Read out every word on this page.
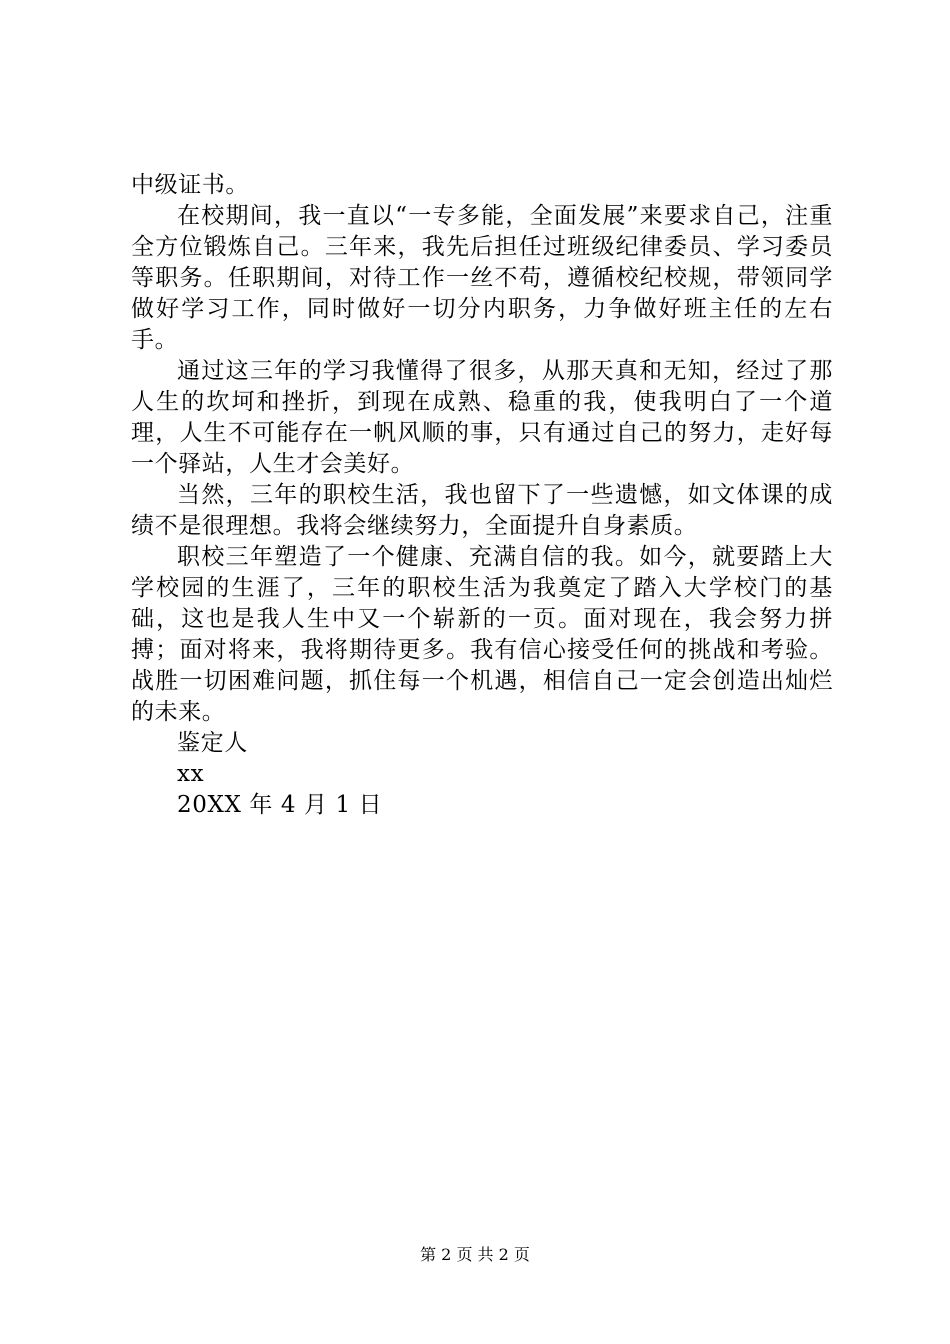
中级证书。

在校期间，我一直以“一专多能，全面发展”来要求自己，注重全方位锻炼自己。三年来，我先后担任过班级纪律委员、学习委员等职务。任职期间，对待工作一丝不苟，遵循校纪校规，带领同学做好学习工作，同时做好一切分内职务，力争做好班主任的左右手。

通过这三年的学习我懂得了很多，从那天真和无知，经过了那人生的坎坷和挫折，到现在成熟、稳重的我，使我明白了一个道理，人生不可能存在一帆风顺的事，只有通过自己的努力，走好每一个驿站，人生才会美好。

当然，三年的职校生活，我也留下了一些遗憾，如文体课的成绩不是很理想。我将会继续努力，全面提升自身素质。

职校三年塑造了一个健康、充满自信的我。如今，就要踏上大学校园的生涯了，三年的职校生活为我奠定了踏入大学校门的基础，这也是我人生中又一个崭新的一页。面对现在，我会努力拼搏；面对将来，我将期待更多。我有信心接受任何的挑战和考验。战胜一切困难问题，抓住每一个机遇，相信自己一定会创造出灿烂的未来。

鉴定人

xx

20XX 年 4 月 1 日

第 2 页 共 2 页
